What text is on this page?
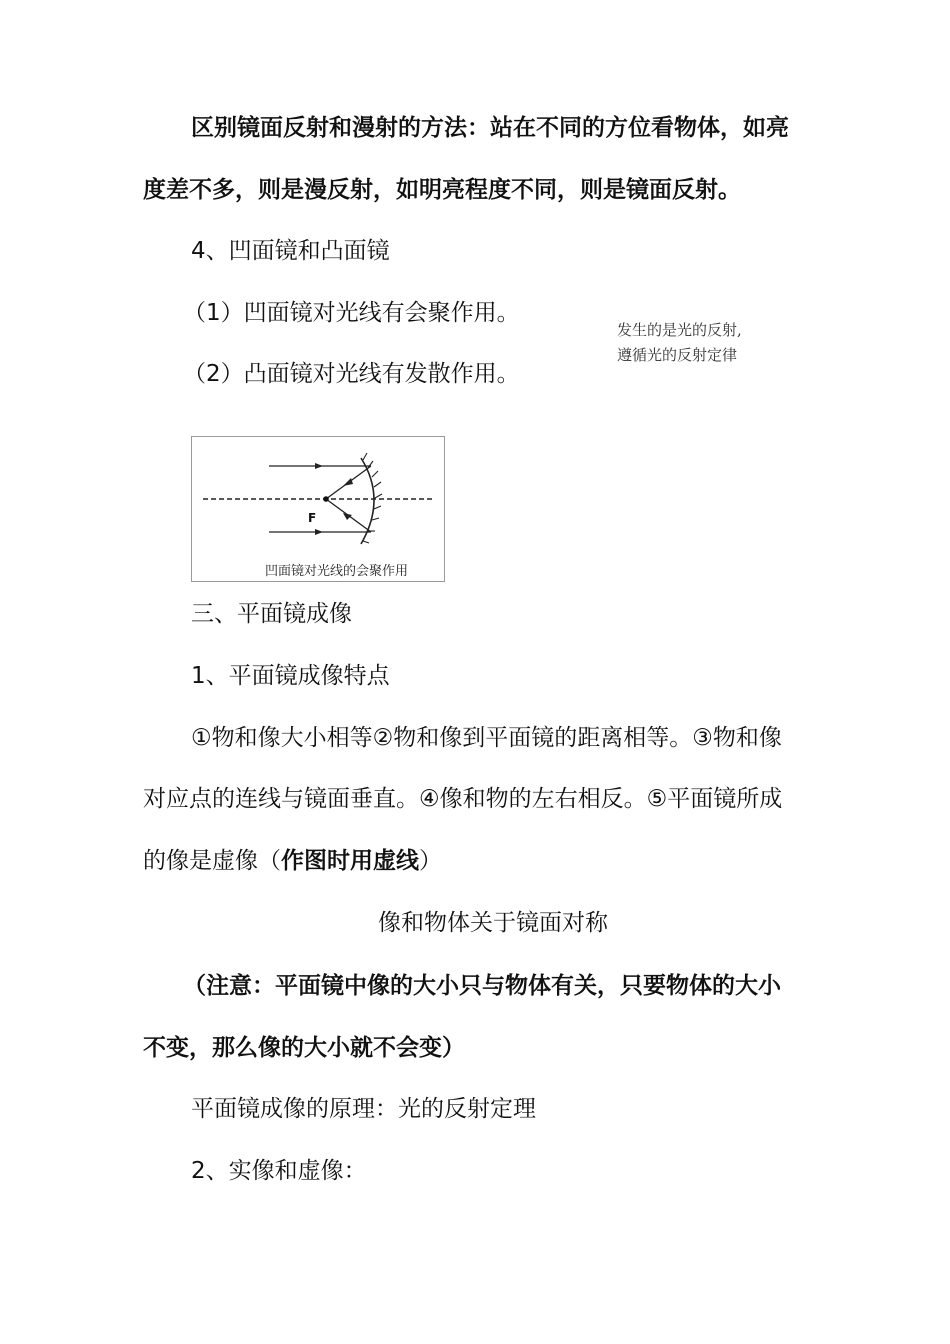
区别镜面反射和漫射的方法：站在不同的方位看物体，如亮
度差不多，则是漫反射，如明亮程度不同，则是镜面反射。
4、凹面镜和凸面镜
（1）凹面镜对光线有会聚作用。
（2）凸面镜对光线有发散作用。
发生的是光的反射,
遵循光的反射定律
F
凹面镜对光线的会聚作用
三、平面镜成像
1、平面镜成像特点
①物和像大小相等②物和像到平面镜的距离相等。③物和像
对应点的连线与镜面垂直。④像和物的左右相反。⑤平面镜所成
的像是虚像（作图时用虚线）
像和物体关于镜面对称
（注意：平面镜中像的大小只与物体有关，只要物体的大小
不变，那么像的大小就不会变）
平面镜成像的原理：光的反射定理
2、实像和虚像：
